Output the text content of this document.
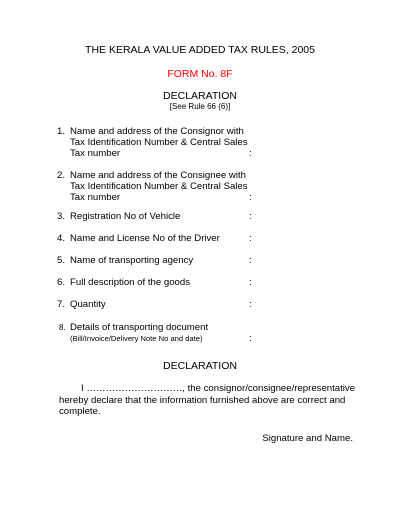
THE KERALA VALUE ADDED TAX RULES, 2005
FORM No. 8F
DECLARATION
[See Rule 66 (6)]
1. Name and address of the Consignor with
Tax Identification Number & Central Sales
Tax number	:
2. Name and address of the Consignee with
Tax Identification Number & Central Sales
Tax number	:
3. Registration No of Vehicle	:
4. Name and License No of the Driver	:
5. Name of transporting agency	:
6. Full description of the goods	:
7. Quantity	:
8. Details of transporting document
(Bill/Invoice/Delivery Note No and date)	:
DECLARATION
I …………………………, the consignor/consignee/representative
hereby declare that the information furnished above are correct and
complete.
Signature and Name.
